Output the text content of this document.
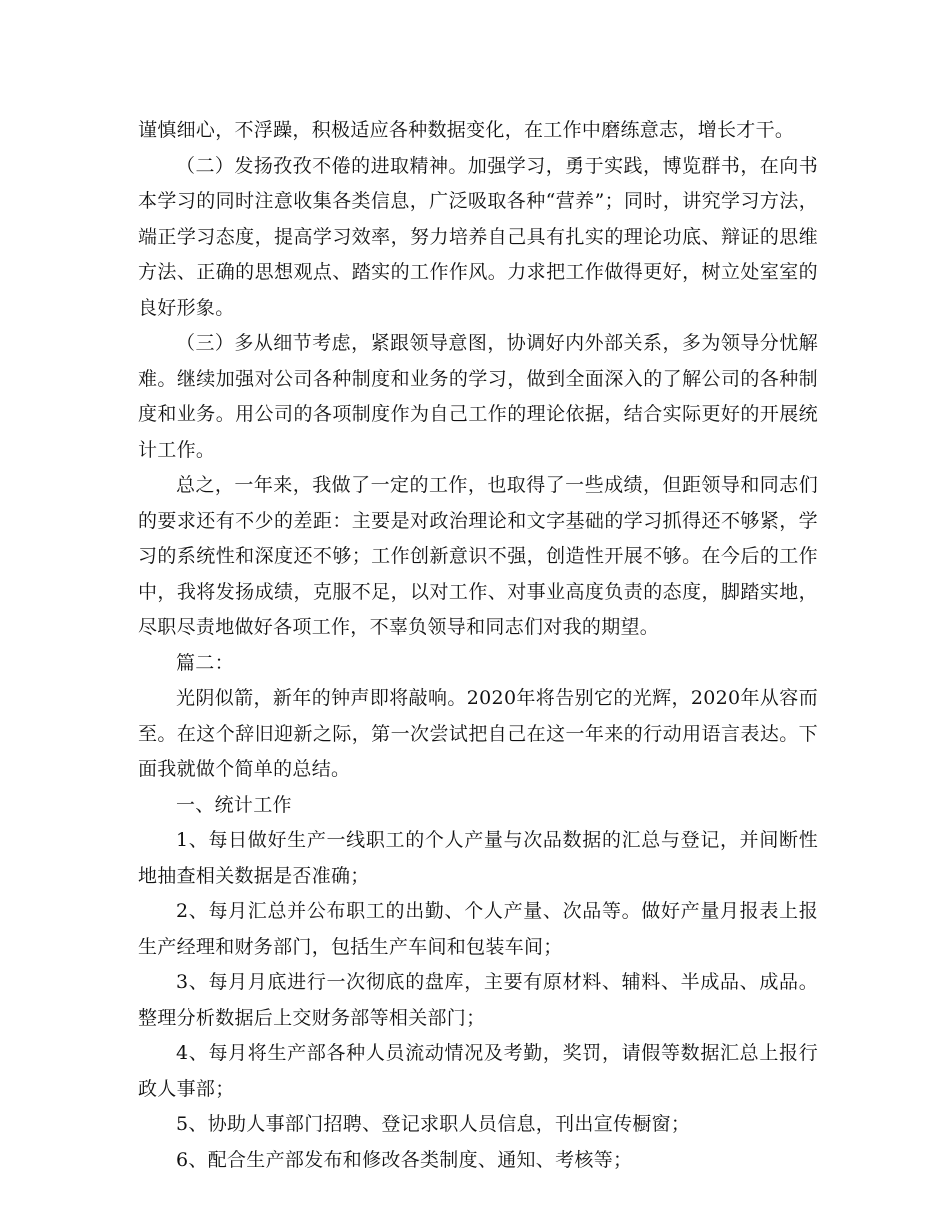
谨慎细心，不浮躁，积极适应各种数据变化，在工作中磨练意志，增长才干。

（二）发扬孜孜不倦的进取精神。加强学习，勇于实践，博览群书，在向书本学习的同时注意收集各类信息，广泛吸取各种“营养”；同时，讲究学习方法，端正学习态度，提高学习效率，努力培养自己具有扎实的理论功底、辩证的思维方法、正确的思想观点、踏实的工作作风。力求把工作做得更好，树立处室室的良好形象。

（三）多从细节考虑，紧跟领导意图，协调好内外部关系，多为领导分忧解难。继续加强对公司各种制度和业务的学习，做到全面深入的了解公司的各种制度和业务。用公司的各项制度作为自己工作的理论依据，结合实际更好的开展统计工作。

总之，一年来，我做了一定的工作，也取得了一些成绩，但距领导和同志们的要求还有不少的差距：主要是对政治理论和文字基础的学习抓得还不够紧，学习的系统性和深度还不够；工作创新意识不强，创造性开展不够。在今后的工作中，我将发扬成绩，克服不足，以对工作、对事业高度负责的态度，脚踏实地，尽职尽责地做好各项工作，不辜负领导和同志们对我的期望。

篇二：

光阴似箭，新年的钟声即将敲响。2020年将告别它的光辉，2020年从容而至。在这个辞旧迎新之际，第一次尝试把自己在这一年来的行动用语言表达。下面我就做个简单的总结。

一、统计工作

1、每日做好生产一线职工的个人产量与次品数据的汇总与登记，并间断性地抽查相关数据是否准确；

2、每月汇总并公布职工的出勤、个人产量、次品等。做好产量月报表上报生产经理和财务部门，包括生产车间和包装车间；

3、每月月底进行一次彻底的盘库，主要有原材料、辅料、半成品、成品。整理分析数据后上交财务部等相关部门；

4、每月将生产部各种人员流动情况及考勤，奖罚，请假等数据汇总上报行政人事部；

5、协助人事部门招聘、登记求职人员信息，刊出宣传橱窗；

6、配合生产部发布和修改各类制度、通知、考核等；
